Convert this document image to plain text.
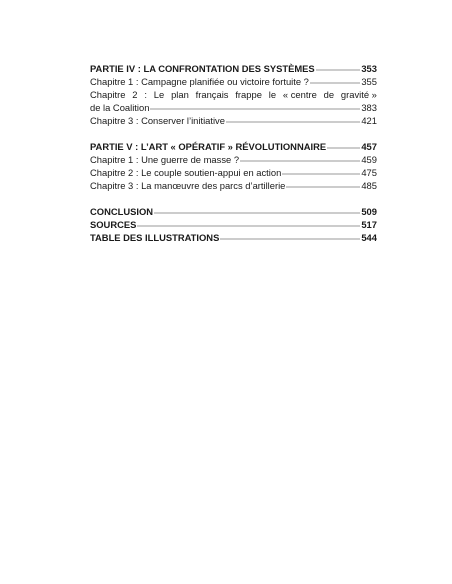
PARTIE IV : LA CONFRONTATION DES SYSTÈMES	353
Chapitre 1 : Campagne planifiée ou victoire fortuite ?	355
Chapitre 2 : Le plan français frappe le « centre de gravité »
de la Coalition	383
Chapitre 3 : Conserver l’initiative	421
PARTIE V : L’ART « OPÉRATIF » RÉVOLUTIONNAIRE	457
Chapitre 1 : Une guerre de masse ?	459
Chapitre 2 : Le couple soutien-appui en action	475
Chapitre 3 : La manœuvre des parcs d’artillerie	485
CONCLUSION	509
SOURCES	517
TABLE DES ILLUSTRATIONS	544
